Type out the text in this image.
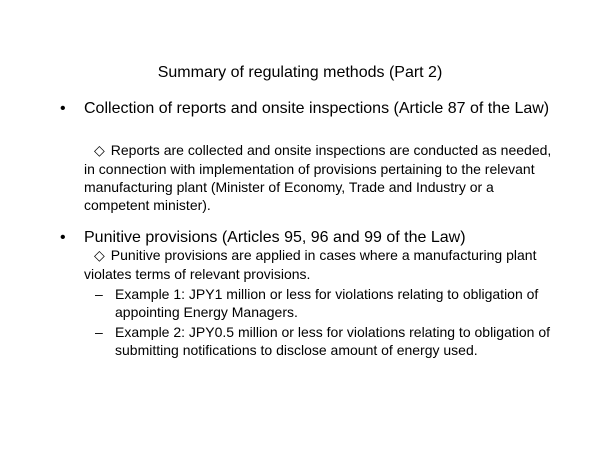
Summary of regulating methods (Part 2)
• Collection of reports and onsite inspections (Article 87 of the Law)
◇ Reports are collected and onsite inspections are conducted as needed, in connection with implementation of provisions pertaining to the relevant manufacturing plant (Minister of Economy, Trade and Industry or acompetent minister).
• Punitive provisions (Articles 95, 96 and 99 of the Law)
◇ Punitive provisions are applied in cases where a manufacturing plant violates terms of relevant provisions.
– Example 1: JPY1 million or less for violations relating to obligation of appointing Energy Managers.
– Example 2: JPY0.5 million or less for violations relating to obligation of submitting notifications to disclose amount of energy used.
